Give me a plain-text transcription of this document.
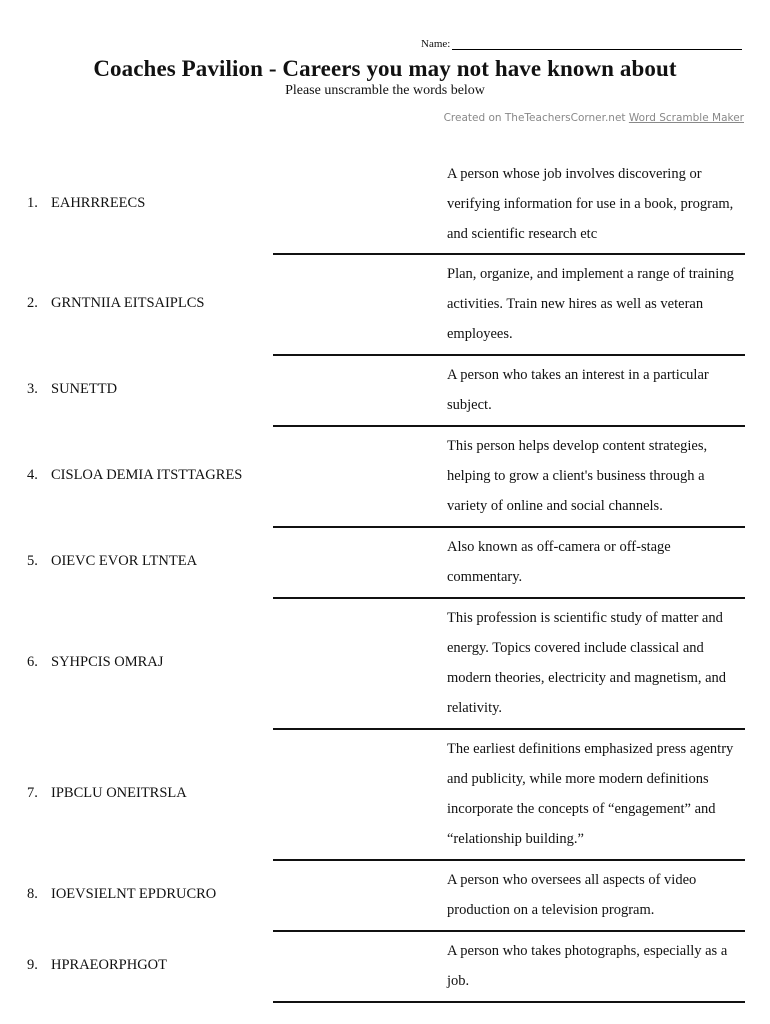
Name:
Coaches Pavilion - Careers you may not have known about
Please unscramble the words below
Created on TheTeachersCorner.net Word Scramble Maker
1. EAHRRREECS
A person whose job involves discovering or verifying information for use in a book, program, and scientific research etc
2. GRNTNIIA EITSAIPLCS
Plan, organize, and implement a range of training activities. Train new hires as well as veteran employees.
3. SUNETTD
A person who takes an interest in a particular subject.
4. CISLOA DEMIA ITSTTAGRES
This person helps develop content strategies, helping to grow a client's business through a variety of online and social channels.
5. OIEVC EVOR LTNTEA
Also known as off-camera or off-stage commentary.
6. SYHPCIS OMRAJ
This profession is scientific study of matter and energy. Topics covered include classical and modern theories, electricity and magnetism, and relativity.
7. IPBCLU ONEITRSLA
The earliest definitions emphasized press agentry and publicity, while more modern definitions incorporate the concepts of “engagement” and “relationship building.”
8. IOEVSIELNT EPDRUCRO
A person who oversees all aspects of video production on a television program.
9. HPRAEORPHGOT
A person who takes photographs, especially as a job.
